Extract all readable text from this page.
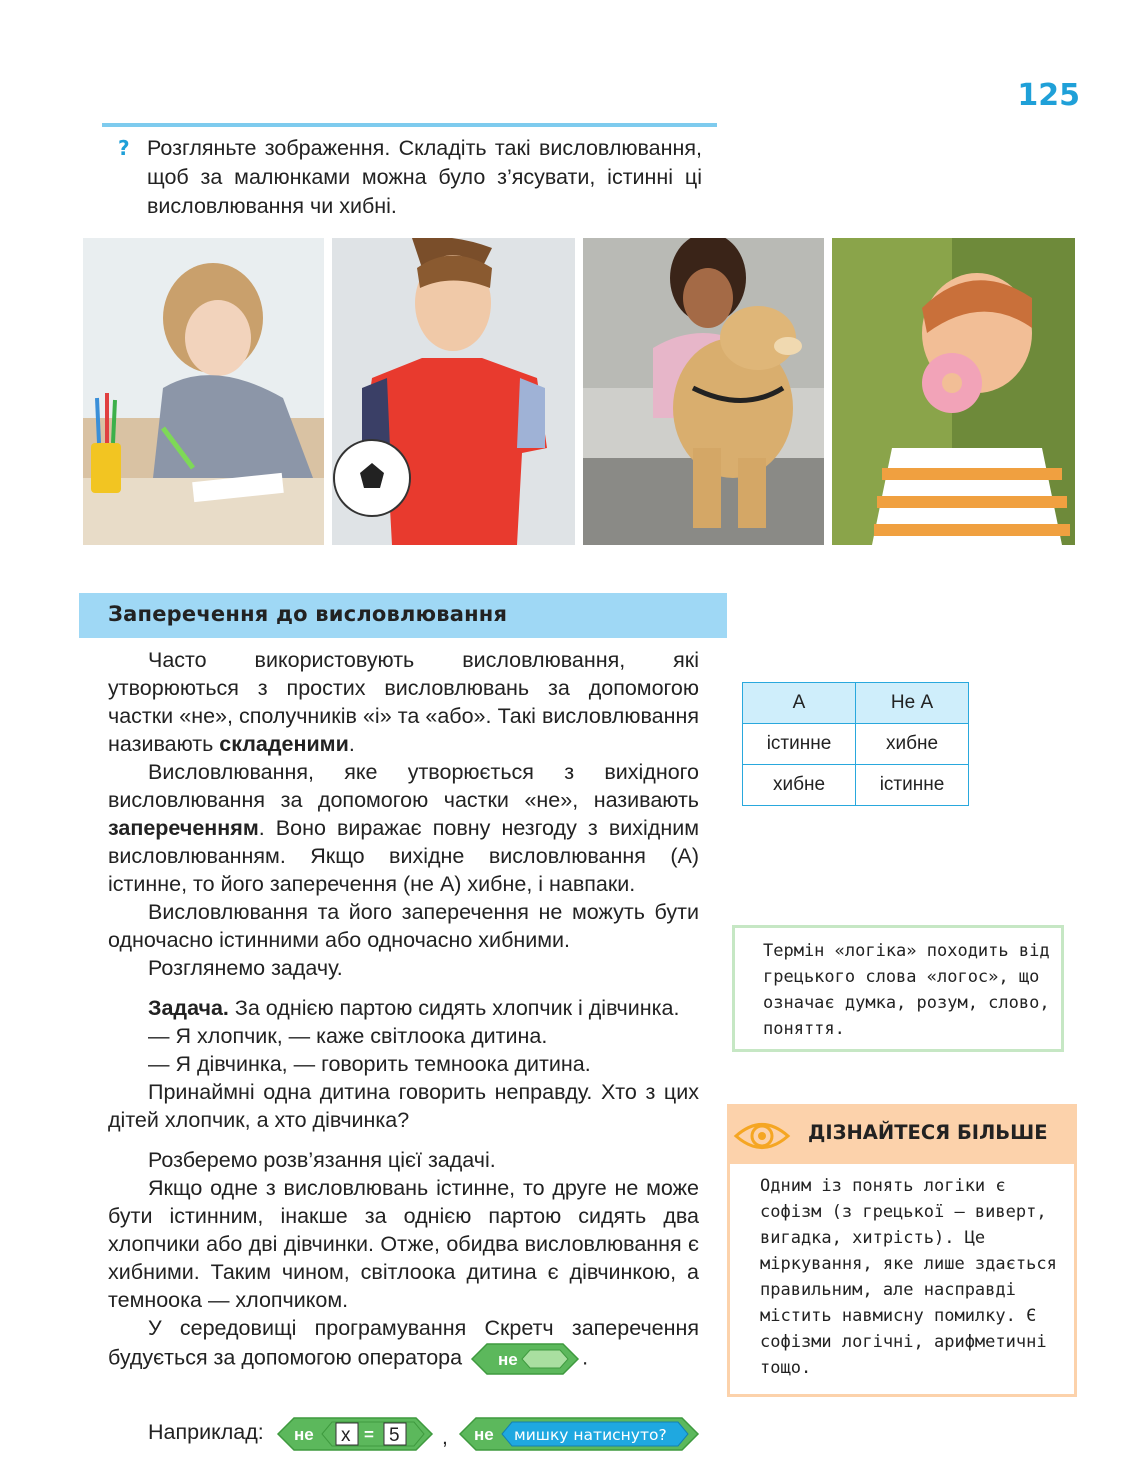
125
? Розгляньте зображення. Складіть такі висловлювання, щоб за малюнками можна було з’ясувати, істинні ці висловлювання чи хибні.
Заперечення до висловлювання

Часто використовують висловлювання, які утворюються з простих висловлювань за допомогою частки «не», сполучників «і» та «або». Такі висловлювання називають складеними.

Висловлювання, яке утворюється з вихідного висловлювання за допомогою частки «не», називають запереченням. Воно виражає повну незгоду з вихідним висловлюванням. Якщо вихідне висловлювання (А) істинне, то його заперечення (не А) хибне, і навпаки.

Висловлювання та його заперечення не можуть бути одночасно істинними або одночасно хибними.

Розглянемо задачу.

Задача. За однією партою сидять хлопчик і дівчинка.

— Я хлопчик, — каже світлоока дитина.

— Я дівчинка, — говорить темноока дитина.

Принаймні одна дитина говорить неправду. Хто з цих дітей хлопчик, а хто дівчинка?

Розберемо розв’язання цієї задачі.

Якщо одне з висловлювань істинне, то друге не може бути істинним, інакше за однією партою сидять два хлопчики або дві дівчинки. Отже, обидва висловлювання є хибними. Таким чином, світлоока дитина є дівчинкою, а темноока — хлопчиком.

У середовищі програмування Скретч заперечення будується за допомогою оператора не	.

Наприклад: не x = 5 , не мишку натиснуто?
А	Не А
істинне	хибне
хибне	істинне
Термін «логіка» походить від грецького слова «логос», що означає думка, розум, слово, поняття.
ДІЗНАЙТЕСЯ БІЛЬШЕ
Одним із понять логіки є софізм (з грецької — виверт, вигадка, хитрість). Це міркування, яке лише здається правильним, але насправді містить навмисну помилку. Є софізми логічні, арифметичні тощо.
